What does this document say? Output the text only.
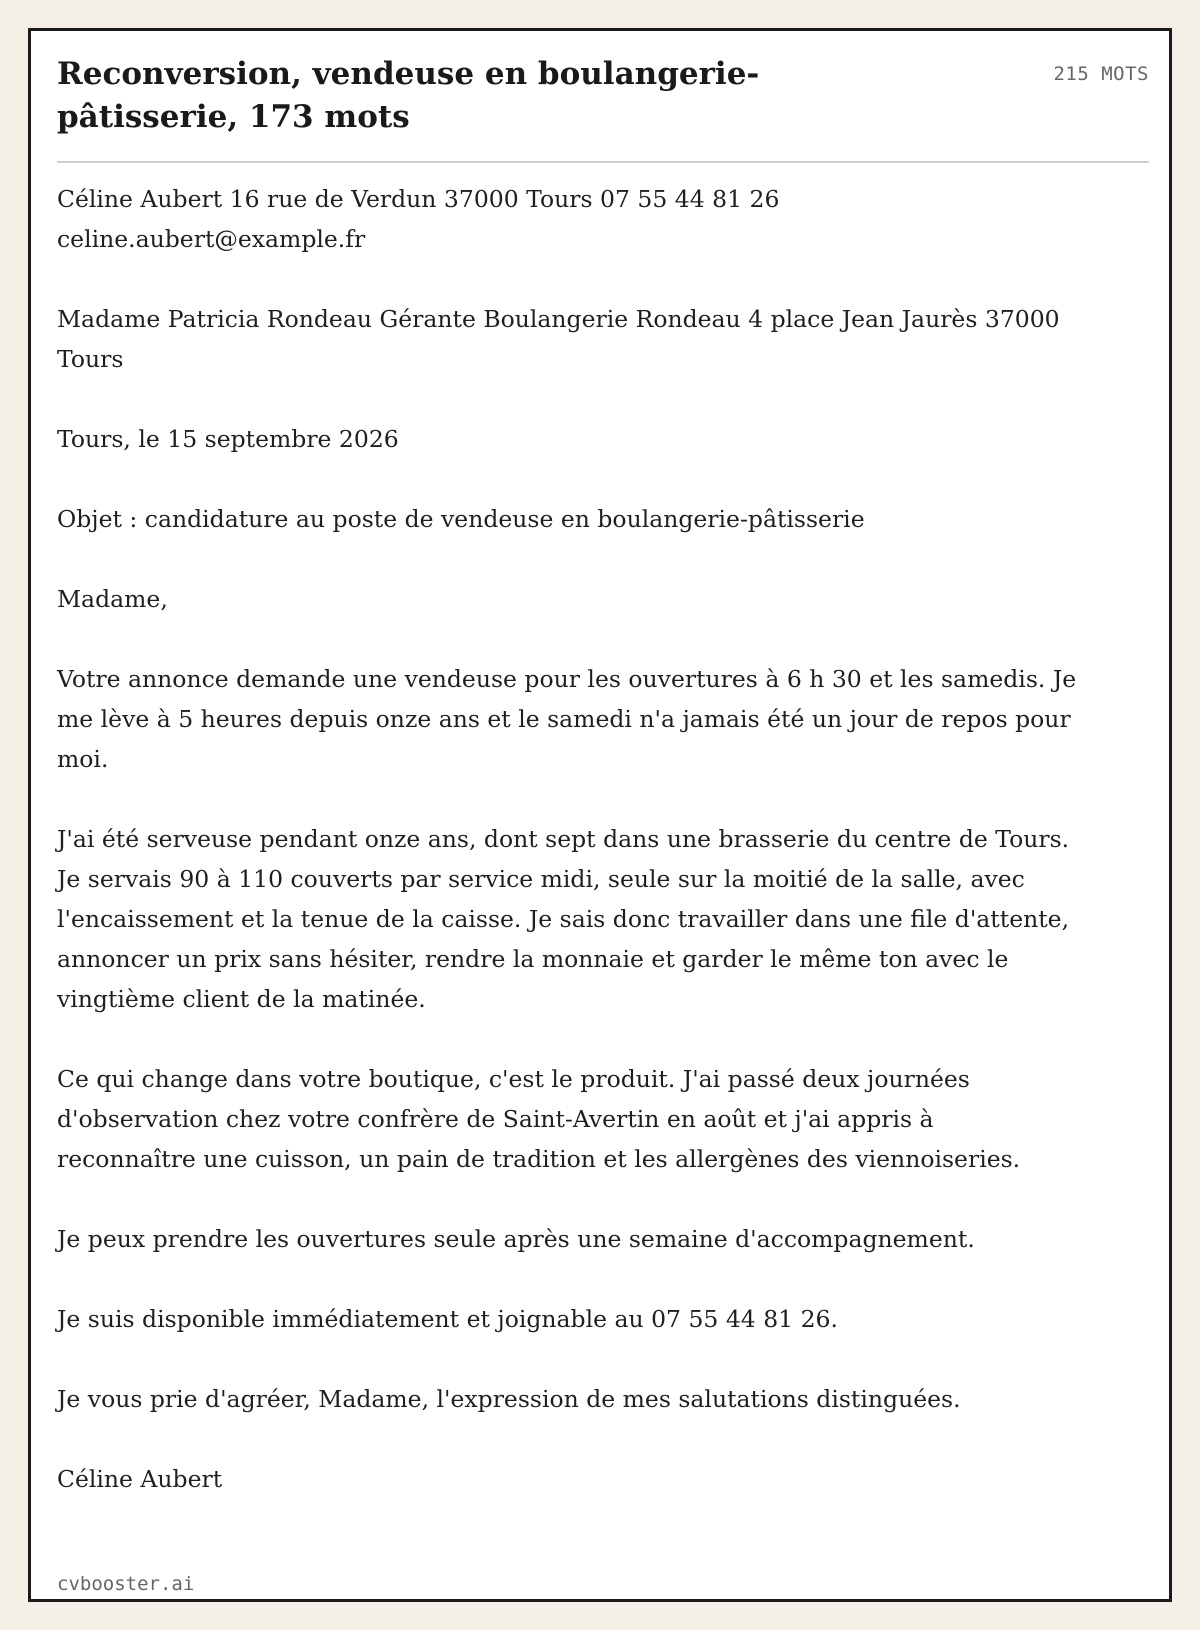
Reconversion, vendeuse en boulangerie-pâtisserie, 173 mots
215 MOTS

Céline Aubert 16 rue de Verdun 37000 Tours 07 55 44 81 26 celine.aubert@example.fr

Madame Patricia Rondeau Gérante Boulangerie Rondeau 4 place Jean Jaurès 37000 Tours

Tours, le 15 septembre 2026

Objet : candidature au poste de vendeuse en boulangerie-pâtisserie

Madame,

Votre annonce demande une vendeuse pour les ouvertures à 6 h 30 et les samedis. Je me lève à 5 heures depuis onze ans et le samedi n'a jamais été un jour de repos pour moi.

J'ai été serveuse pendant onze ans, dont sept dans une brasserie du centre de Tours. Je servais 90 à 110 couverts par service midi, seule sur la moitié de la salle, avec l'encaissement et la tenue de la caisse. Je sais donc travailler dans une file d'attente, annoncer un prix sans hésiter, rendre la monnaie et garder le même ton avec le vingtième client de la matinée.

Ce qui change dans votre boutique, c'est le produit. J'ai passé deux journées d'observation chez votre confrère de Saint-Avertin en août et j'ai appris à reconnaître une cuisson, un pain de tradition et les allergènes des viennoiseries.

Je peux prendre les ouvertures seule après une semaine d'accompagnement.

Je suis disponible immédiatement et joignable au 07 55 44 81 26.

Je vous prie d'agréer, Madame, l'expression de mes salutations distinguées.

Céline Aubert

cvbooster.ai
